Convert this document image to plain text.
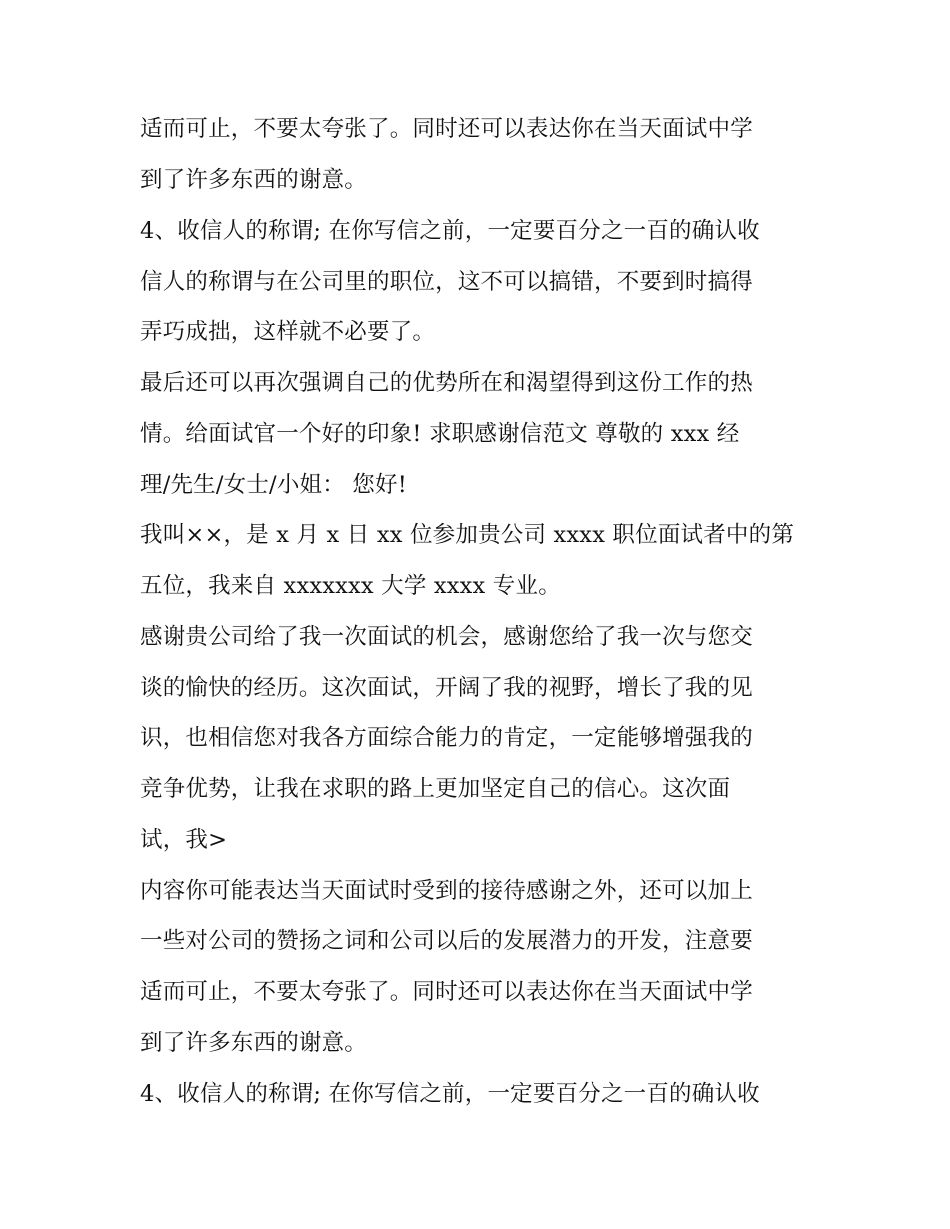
适而可止，不要太夸张了。同时还可以表达你在当天面试中学
到了许多东西的谢意。
4、收信人的称谓; 在你写信之前，一定要百分之一百的确认收
信人的称谓与在公司里的职位，这不可以搞错，不要到时搞得
弄巧成拙，这样就不必要了。
最后还可以再次强调自己的优势所在和渴望得到这份工作的热
情。给面试官一个好的印象! 求职感谢信范文 尊敬的 xxx 经
理/先生/女士/小姐： 您好!
我叫××，是 x 月 x 日 xx 位参加贵公司 xxxx 职位面试者中的第
五位，我来自 xxxxxxx 大学 xxxx 专业。
感谢贵公司给了我一次面试的机会，感谢您给了我一次与您交
谈的愉快的经历。这次面试，开阔了我的视野，增长了我的见
识，也相信您对我各方面综合能力的肯定，一定能够增强我的
竞争优势，让我在求职的路上更加坚定自己的信心。这次面
试，我>
内容你可能表达当天面试时受到的接待感谢之外，还可以加上
一些对公司的赞扬之词和公司以后的发展潜力的开发，注意要
适而可止，不要太夸张了。同时还可以表达你在当天面试中学
到了许多东西的谢意。
4、收信人的称谓; 在你写信之前，一定要百分之一百的确认收
